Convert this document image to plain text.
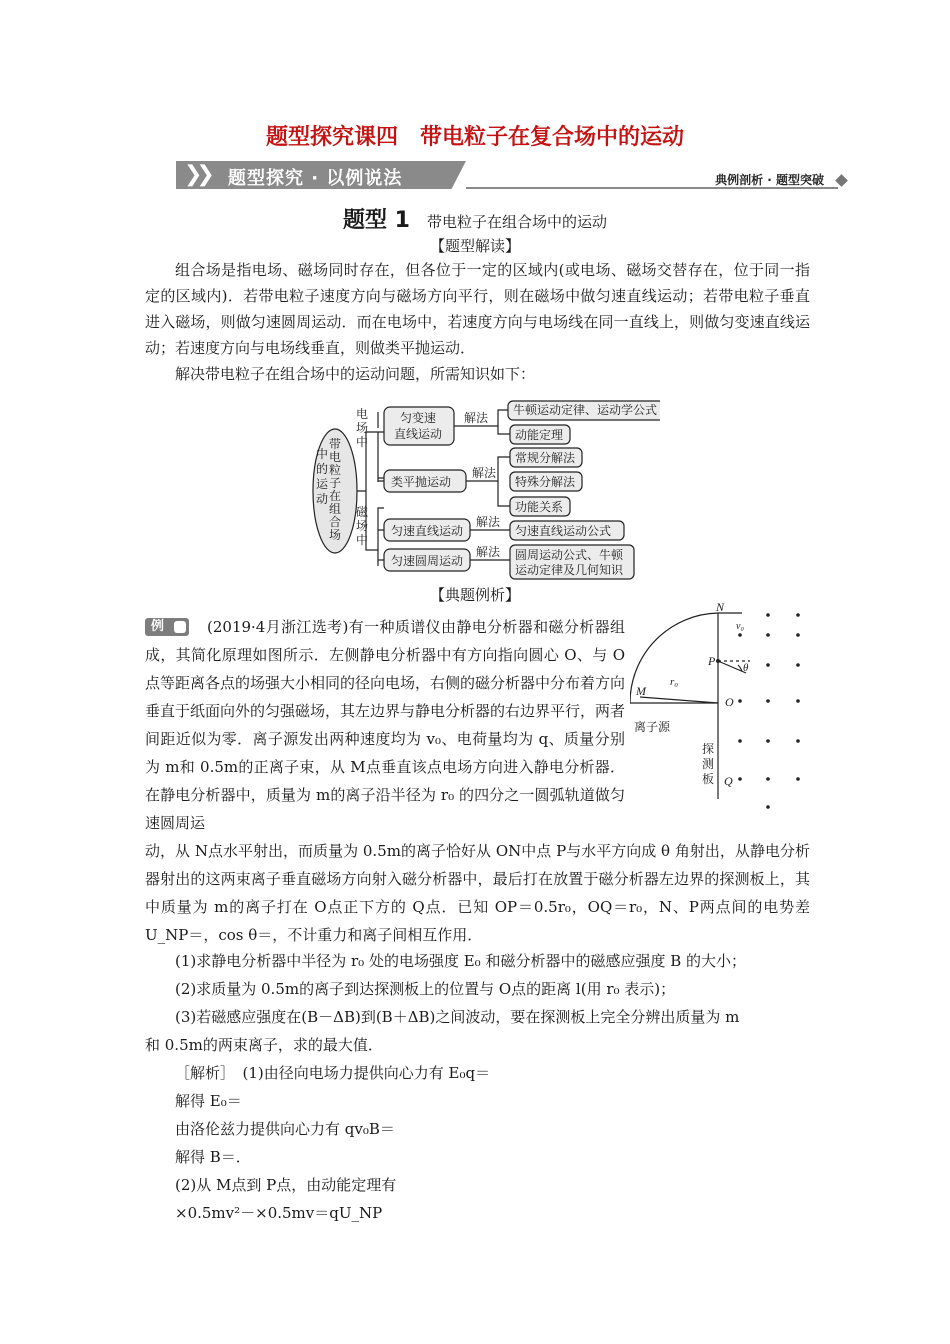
题型探究课四　带电粒子在复合场中的运动
❯❯ 题型探究 · 以例说法	典例剖析 · 题型突破
题型 1 带电粒子在组合场中的运动
【题型解读】

组合场是指电场、磁场同时存在，但各位于一定的区域内(或电场、磁场交替存在，位于同一指定的区域内)．若带电粒子速度方向与磁场方向平行，则在磁场中做匀速直线运动；若带电粒子垂直进入磁场，则做匀速圆周运动．而在电场中，若速度方向与电场线在同一直线上，则做匀变速直线运动；若速度方向与电场线垂直，则做类平抛运动．

解决带电粒子在组合场中的运动问题，所需知识如下：

带
电
粒
子
在
组
合
场
中
的
运
动
电
场
中
磁
场
中
匀变速
直线运动
类平抛运动
匀速直线运动
匀速圆周运动
解法
解法
解法
解法
牛顿运动定律、运动学公式
动能定理
常规分解法
特殊分解法
功能关系
匀速直线运动公式
圆周运动公式、牛顿
运动定律及几何知识
【典题例析】
例	(2019·4月浙江选考)有一种质谱仪由静电分析器和磁分析器组成，其简化原理如图所示．左侧静电分析器中有方向指向圆心 O、与 O点等距离各点的场强大小相同的径向电场，右侧的磁分析器中分布着方向垂直于纸面向外的匀强磁场，其左边界与静电分析器的右边界平行，两者间距近似为零．离子源发出两种速度均为 v₀、电荷量均为 q、质量分别为 m和 0.5m的正离子束，从 M点垂直该点电场方向进入静电分析器．在静电分析器中，质量为 m的离子沿半径为 r₀ 的四分之一圆弧轨道做匀速圆周运
N
v₀
P	θ
r₀
M
O
Q
离子源
探
测
板
动，从 N点水平射出，而质量为 0.5m的离子恰好从 ON中点 P与水平方向成 θ 角射出，从静电分析器射出的这两束离子垂直磁场方向射入磁分析器中，最后打在放置于磁分析器左边界的探测板上，其中质量为 m的离子打在 O点正下方的 Q点．已知 OP＝0.5r₀，OQ＝r₀，N、P两点间的电势差 U_NP＝，cos θ＝，不计重力和离子间相互作用．
(1)求静电分析器中半径为 r₀ 处的电场强度 E₀ 和磁分析器中的磁感应强度 B 的大小；
(2)求质量为 0.5m的离子到达探测板上的位置与 O点的距离 l(用 r₀ 表示)；
(3)若磁感应强度在(B－ΔB)到(B＋ΔB)之间波动，要在探测板上完全分辨出质量为 m
和 0.5m的两束离子，求的最大值．
［解析］　(1)由径向电场力提供向心力有 E₀q＝
解得 E₀＝
由洛伦兹力提供向心力有 qv₀B＝
解得 B＝．
(2)从 M点到 P点，由动能定理有
×0.5mv²－×0.5mv＝qU_NP
